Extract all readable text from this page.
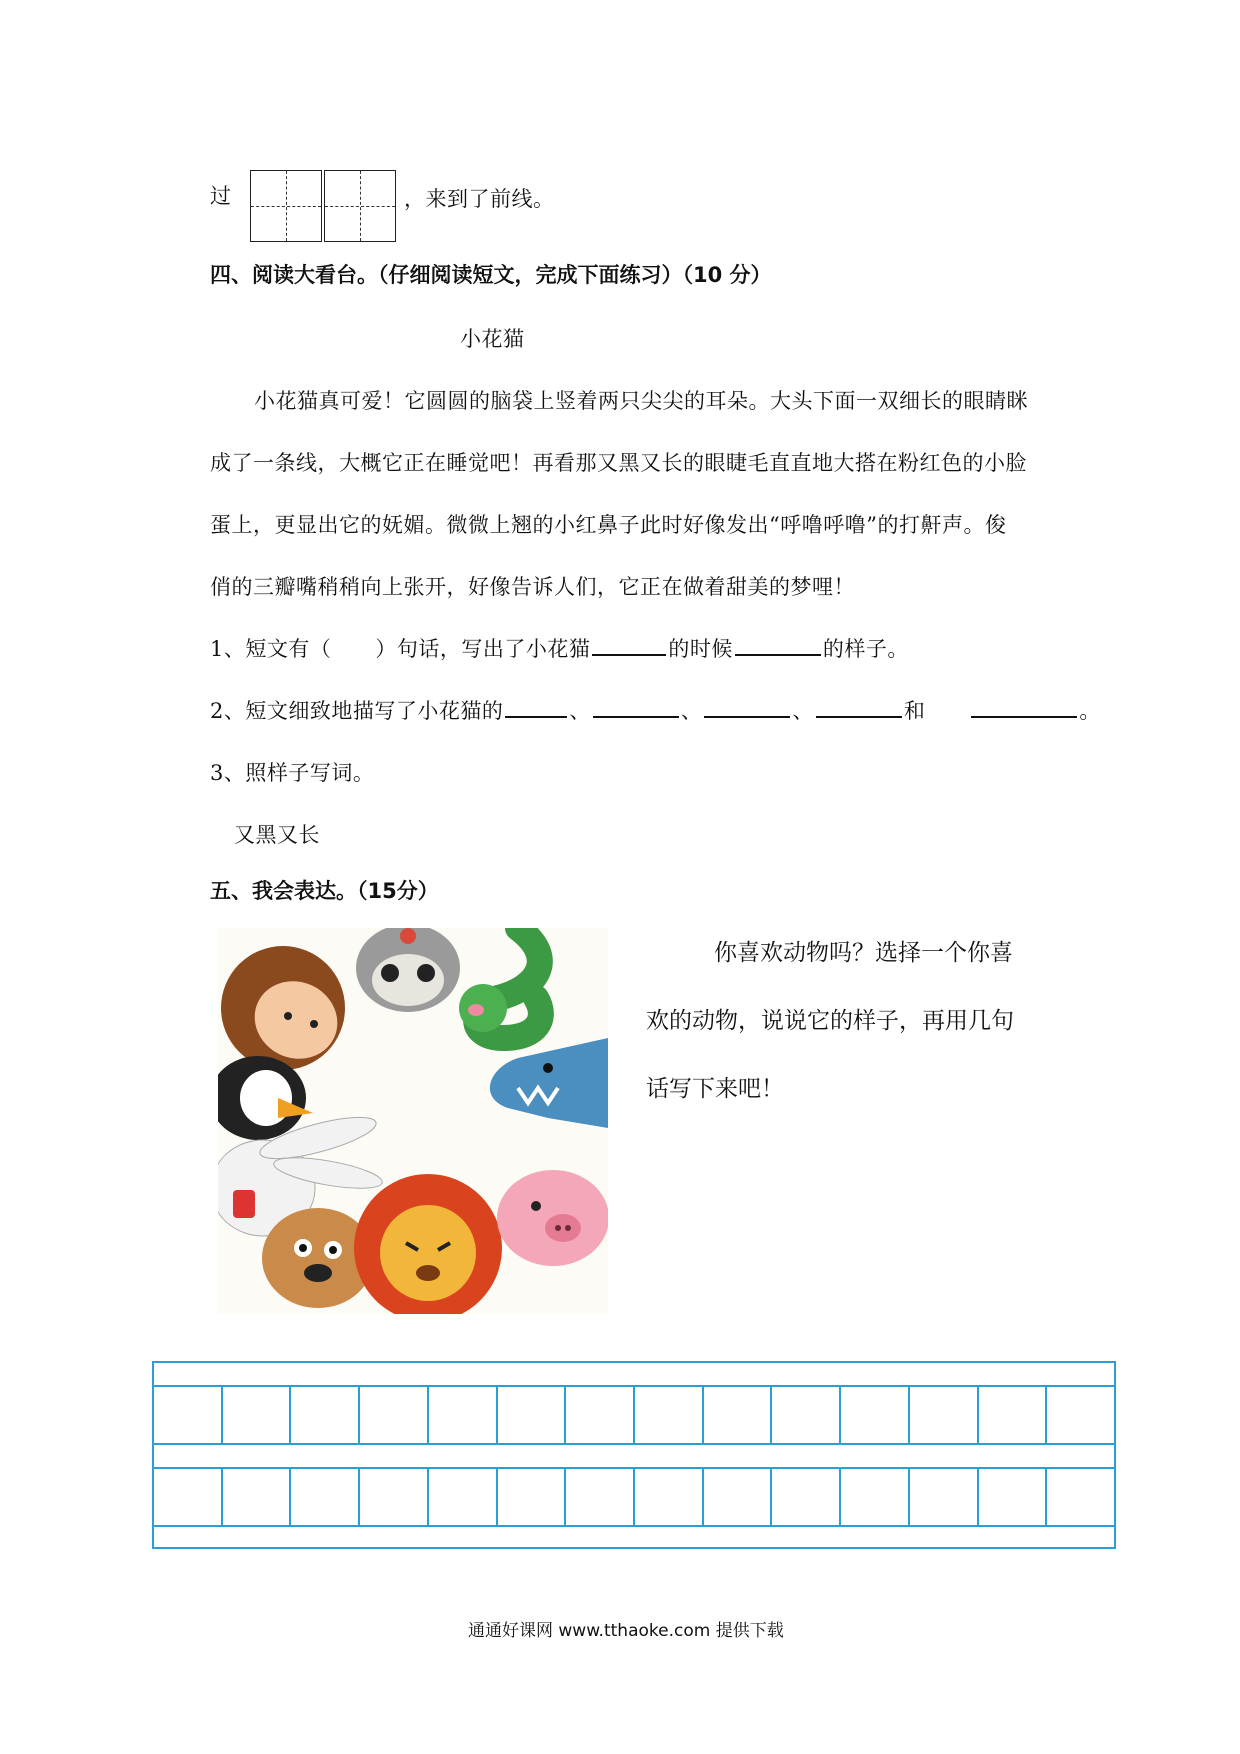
过	，来到了前线。
四、阅读大看台。（仔细阅读短文，完成下面练习）（10 分）
小花猫
小花猫真可爱！它圆圆的脑袋上竖着两只尖尖的耳朵。大头下面一双细长的眼睛眯
成了一条线，大概它正在睡觉吧！再看那又黑又长的眼睫毛直直地大搭在粉红色的小脸
蛋上，更显出它的妩媚。微微上翘的小红鼻子此时好像发出“呼噜呼噜”的打鼾声。俊
俏的三瓣嘴稍稍向上张开，好像告诉人们，它正在做着甜美的梦哩！
1、短文有（ ）句话，写出了小花猫	的时候	的样子。
2、短文细致地描写了小花猫的	、	、	、	和	。
3、照样子写词。
又黑又长
五、我会表达。（15分）
你喜欢动物吗？选择一个你喜
欢的动物，说说它的样子，再用几句
话写下来吧！
通通好课网 www.tthaoke.com 提供下载
